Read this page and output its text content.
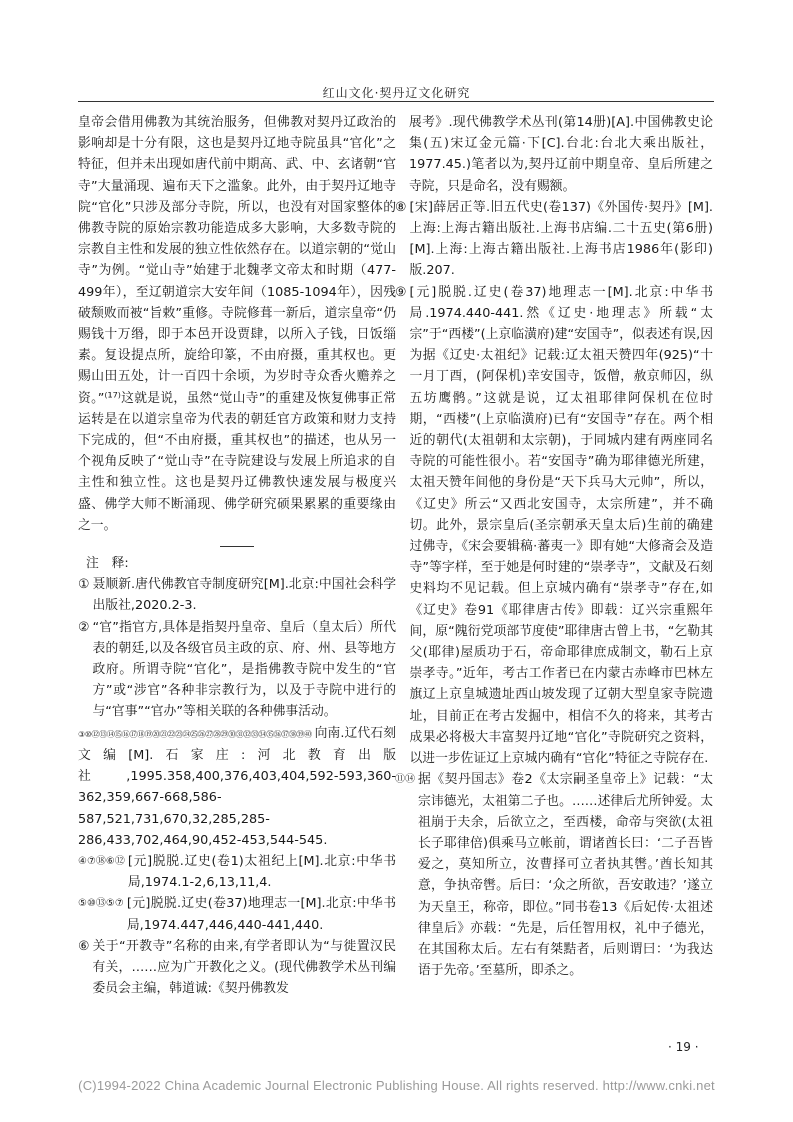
红山文化·契丹辽文化研究

皇帝会借用佛教为其统治服务，但佛教对契丹辽政治的影响却是十分有限，这也是契丹辽地寺院虽具“官化”之特征，但并未出现如唐代前中期高、武、中、玄诸朝“官寺”大量涌现、遍布天下之滥象。此外，由于契丹辽地寺院“官化”只涉及部分寺院，所以，也没有对国家整体的佛教寺院的原始宗教功能造成多大影响，大多数寺院的宗教自主性和发展的独立性依然存在。以道宗朝的“觉山寺”为例。“觉山寺”始建于北魏孝文帝太和时期（477-499年），至辽朝道宗大安年间（1085-1094年），因残破颓败而被“旨敕”重修。寺院修葺一新后，道宗皇帝“仍赐钱十万缗，即于本邑开设贾肆，以所入子钱，日饭缁素。复设提点所，旋给印篆，不由府摄，重其权也。更赐山田五处，计一百四十余顷，为岁时寺众香火赡养之资。”⁽¹⁷⁾这就是说，虽然“觉山寺”的重建及恢复佛事正常运转是在以道宗皇帝为代表的朝廷官方政策和财力支持下完成的，但“不由府摄，重其权也”的描述，也从另一个视角反映了“觉山寺”在寺院建设与发展上所追求的自主性和独立性。这也是契丹辽佛教快速发展与极度兴盛、佛学大师不断涌现、佛学研究硕果累累的重要缘由之一。

注　释:

① 聂顺新.唐代佛教官寺制度研究[M].北京:中国社会科学出版社,2020.2-3.
② “官”指官方,具体是指契丹皇帝、皇后（皇太后）所代表的朝廷,以及各级官员主政的京、府、州、县等地方政府。所谓寺院“官化”，是指佛教寺院中发生的“官方”或“涉官”各种非宗教行为，以及于寺院中进行的与“官事”“官办”等相关联的各种佛事活动。
③⑩⑫⑬⑭⑮⑯⑰⑱⑲⑳㉑㉒㉓㉔㉕㉖㉗㉘㉙㉚㉛㉜㉝㉞㉟㊱㊲㊳㊴㊵ 向南.辽代石刻文编[M].石家庄:河北教育出版社,1995.358,400,376,403,404,592-593,360-362,359,667-668,586-587,521,731,670,32,285,285-286,433,702,464,90,452-453,544-545.
④⑦⑱⑥⑫ [元]脱脱.辽史(卷1)太祖纪上[M].北京:中华书局,1974.1-2,6,13,11,4.
⑤⑩⑬⑤⑦ [元]脱脱.辽史(卷37)地理志一[M].北京:中华书局,1974.447,446,440-441,440.
⑥ 关于“开教寺”名称的由来,有学者即认为“与徙置汉民有关，……应为广开教化之义。(现代佛教学术丛刊编委员会主编，韩道诚:《契丹佛教发
展考》.现代佛教学术丛刊(第14册)[A].中国佛教史论集(五)宋辽金元篇·下[C].台北:台北大乘出版社，1977.45.)笔者以为,契丹辽前中期皇帝、皇后所建之寺院，只是命名，没有赐额。
⑧ [宋]薛居正等.旧五代史(卷137)《外国传·契丹》[M].上海:上海古籍出版社.上海书店编.二十五史(第6册)[M].上海:上海古籍出版社.上海书店1986年(影印)版.207.
⑨ [元]脱脱.辽史(卷37)地理志一[M].北京:中华书局.1974.440-441.然《辽史·地理志》所载“太宗”于“西楼”(上京临潢府)建“安国寺”，似表述有误,因为据《辽史·太祖纪》记载:辽太祖天赞四年(925)“十一月丁酉，(阿保机)幸安国寺，饭僧，赦京师囚，纵五坊鹰鹘。”这就是说，辽太祖耶律阿保机在位时期，“西楼”(上京临潢府)已有“安国寺”存在。两个相近的朝代(太祖朝和太宗朝)，于同城内建有两座同名寺院的可能性很小。若“安国寺”确为耶律德光所建，太祖天赞年间他的身份是“天下兵马大元帅”，所以，《辽史》所云“又西北安国寺，太宗所建”，并不确切。此外，景宗皇后(圣宗朝承天皇太后)生前的确建过佛寺，《宋会要辑稿·蕃夷一》即有她“大修斋会及造寺”等字样，至于她是何时建的“崇孝寺”，文献及石刻史料均不见记载。但上京城内确有“崇孝寺”存在,如《辽史》卷91《耶律唐古传》即载：辽兴宗重熙年间，原“隗衍党项部节度使”耶律唐古曾上书，“乞勒其父(耶律)屋质功于石，帝命耶律庶成制文，勒石上京崇孝寺。”近年，考古工作者已在内蒙古赤峰市巴林左旗辽上京皇城遗址西山坡发现了辽朝大型皇家寺院遗址，目前正在考古发掘中，相信不久的将来，其考古成果必将极大丰富契丹辽地“官化”寺院研究之资料，以进一步佐证辽上京城内确有“官化”特征之寺院存在.
⑪⑭ 据《契丹国志》卷2《太宗嗣圣皇帝上》记载：“太宗讳德光，太祖第二子也。……述律后尤所钟爱。太祖崩于夫余，后欲立之，至西楼，命帝与突欲(太祖长子耶律倍)俱乘马立帐前，谓诸酋长曰：‘二子吾皆爱之，莫知所立，汝曹择可立者执其辔。’酋长知其意，争执帝辔。后曰：‘众之所欲，吾安敢违？’遂立为天皇王，称帝，即位。”同书卷13《后妃传·太祖述律皇后》亦载：“先是，后任智用权，礼中子德光，在其国称太后。左右有桀黠者，后则谓曰：‘为我达语于先帝。’至墓所，即杀之。
· 19 ·
(C)1994-2022 China Academic Journal Electronic Publishing House. All rights reserved. http://www.cnki.net
